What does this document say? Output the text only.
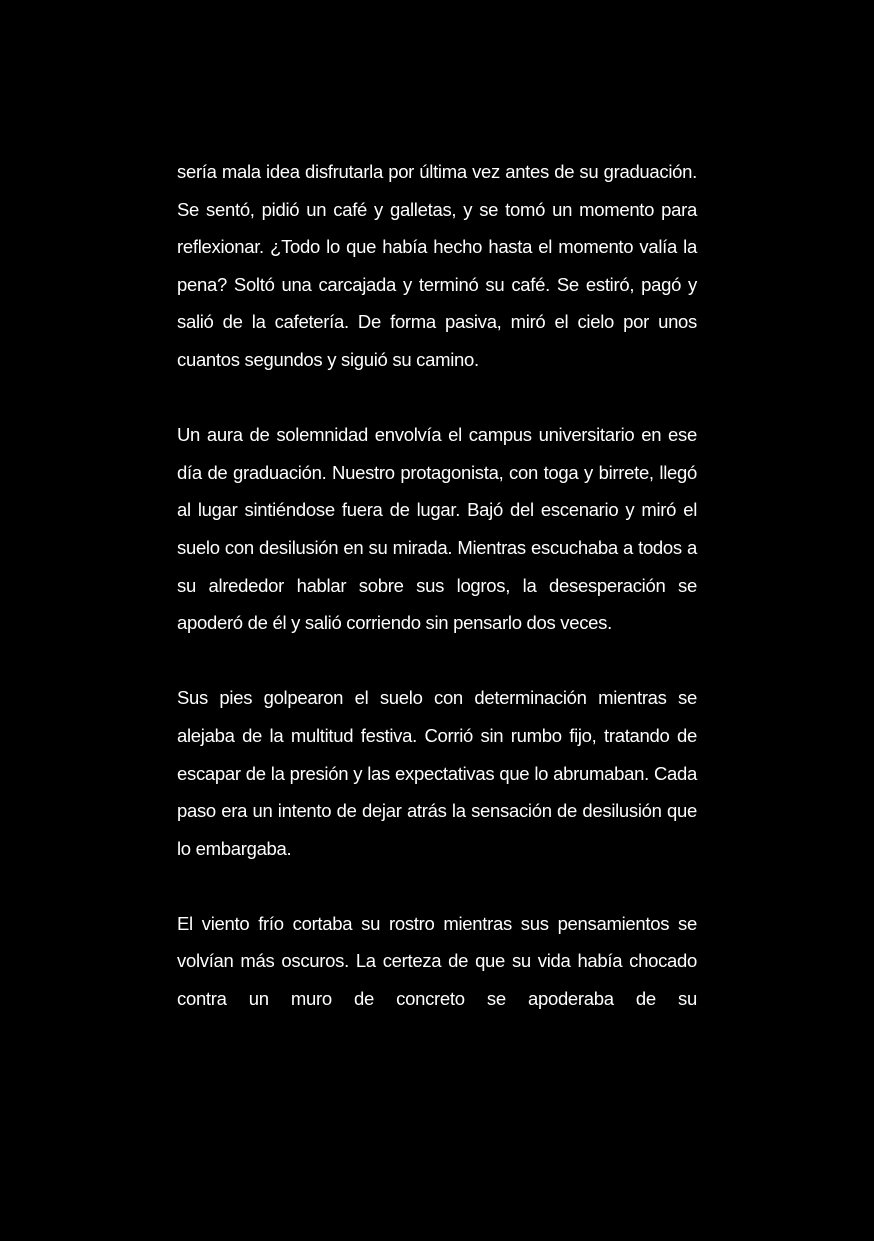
sería mala idea disfrutarla por última vez antes de su graduación. Se sentó, pidió un café y galletas, y se tomó un momento para reflexionar. ¿Todo lo que había hecho hasta el momento valía la pena? Soltó una carcajada y terminó su café. Se estiró, pagó y salió de la cafetería. De forma pasiva, miró el cielo por unos cuantos segundos y siguió su camino.

Un aura de solemnidad envolvía el campus universitario en ese día de graduación. Nuestro protagonista, con toga y birrete, llegó al lugar sintiéndose fuera de lugar. Bajó del escenario y miró el suelo con desilusión en su mirada. Mientras escuchaba a todos a su alrededor hablar sobre sus logros, la desesperación se apoderó de él y salió corriendo sin pensarlo dos veces.

Sus pies golpearon el suelo con determinación mientras se alejaba de la multitud festiva. Corrió sin rumbo fijo, tratando de escapar de la presión y las expectativas que lo abrumaban. Cada paso era un intento de dejar atrás la sensación de desilusión que lo embargaba.

El viento frío cortaba su rostro mientras sus pensamientos se volvían más oscuros. La certeza de que su vida había chocado contra un muro de concreto se apoderaba de su
